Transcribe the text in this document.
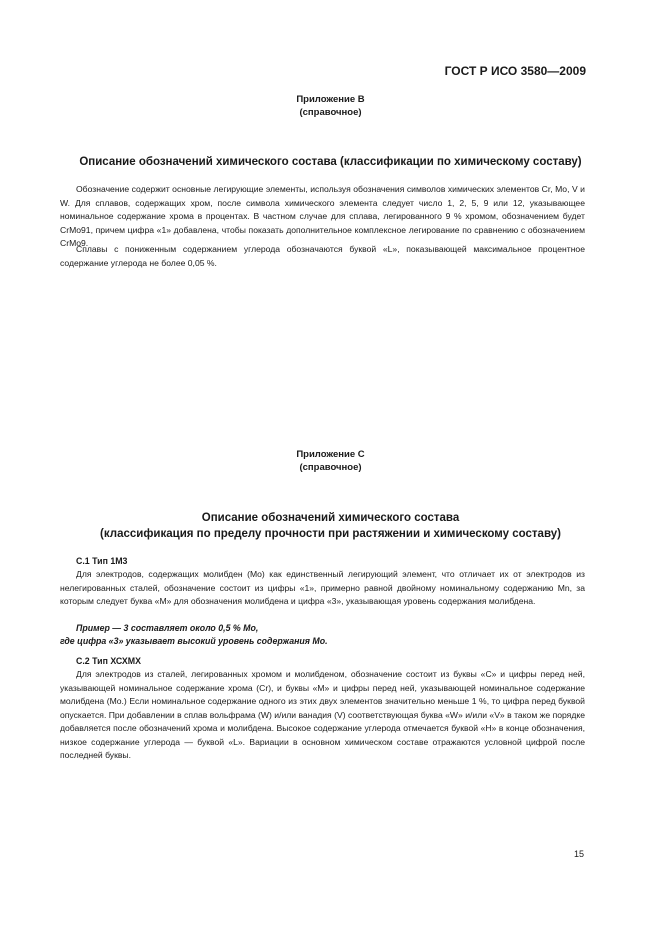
ГОСТ Р ИСО 3580—2009
Приложение В
(справочное)
Описание обозначений химического состава (классификации по химическому составу)

Обозначение содержит основные легирующие элементы, используя обозначения символов химических элементов Cr, Mo, V и W. Для сплавов, содержащих хром, после символа химического элемента следует число 1, 2, 5, 9 или 12, указывающее номинальное содержание хрома в процентах. В частном случае для сплава, легированного 9 % хромом, обозначением будет CrMo91, причем цифра «1» добавлена, чтобы показать дополнительное комплексное легирование по сравнению с обозначением CrMo9.

Сплавы с пониженным содержанием углерода обозначаются буквой «L», показывающей максимальное процентное содержание углерода не более 0,05 %.

Приложение С
(справочное)
Описание обозначений химического состава
(классификация по пределу прочности при растяжении и химическому составу)
С.1 Тип 1М3

Для электродов, содержащих молибден (Mo) как единственный легирующий элемент, что отличает их от электродов из нелегированных сталей, обозначение состоит из цифры «1», примерно равной двойному номинальному содержанию Mn, за которым следует буква «М» для обозначения молибдена и цифра «3», указывающая уровень содержания молибдена.

Пример — 3 составляет около 0,5 % Mo,
где цифра «3» указывает высокий уровень содержания Mo.
С.2 Тип ХСХМХ

Для электродов из сталей, легированных хромом и молибденом, обозначение состоит из буквы «С» и цифры перед ней, указывающей номинальное содержание хрома (Cr), и буквы «М» и цифры перед ней, указывающей номинальное содержание молибдена (Mo.) Если номинальное содержание одного из этих двух элементов значительно меньше 1 %, то цифра перед буквой опускается. При добавлении в сплав вольфрама (W) и/или ванадия (V) соответствующая буква «W» и/или «V» в таком же порядке добавляется после обозначений хрома и молибдена. Высокое содержание углерода отмечается буквой «Н» в конце обозначения, низкое содержание углерода — буквой «L». Вариации в основном химическом составе отражаются условной цифрой после последней буквы.

15
